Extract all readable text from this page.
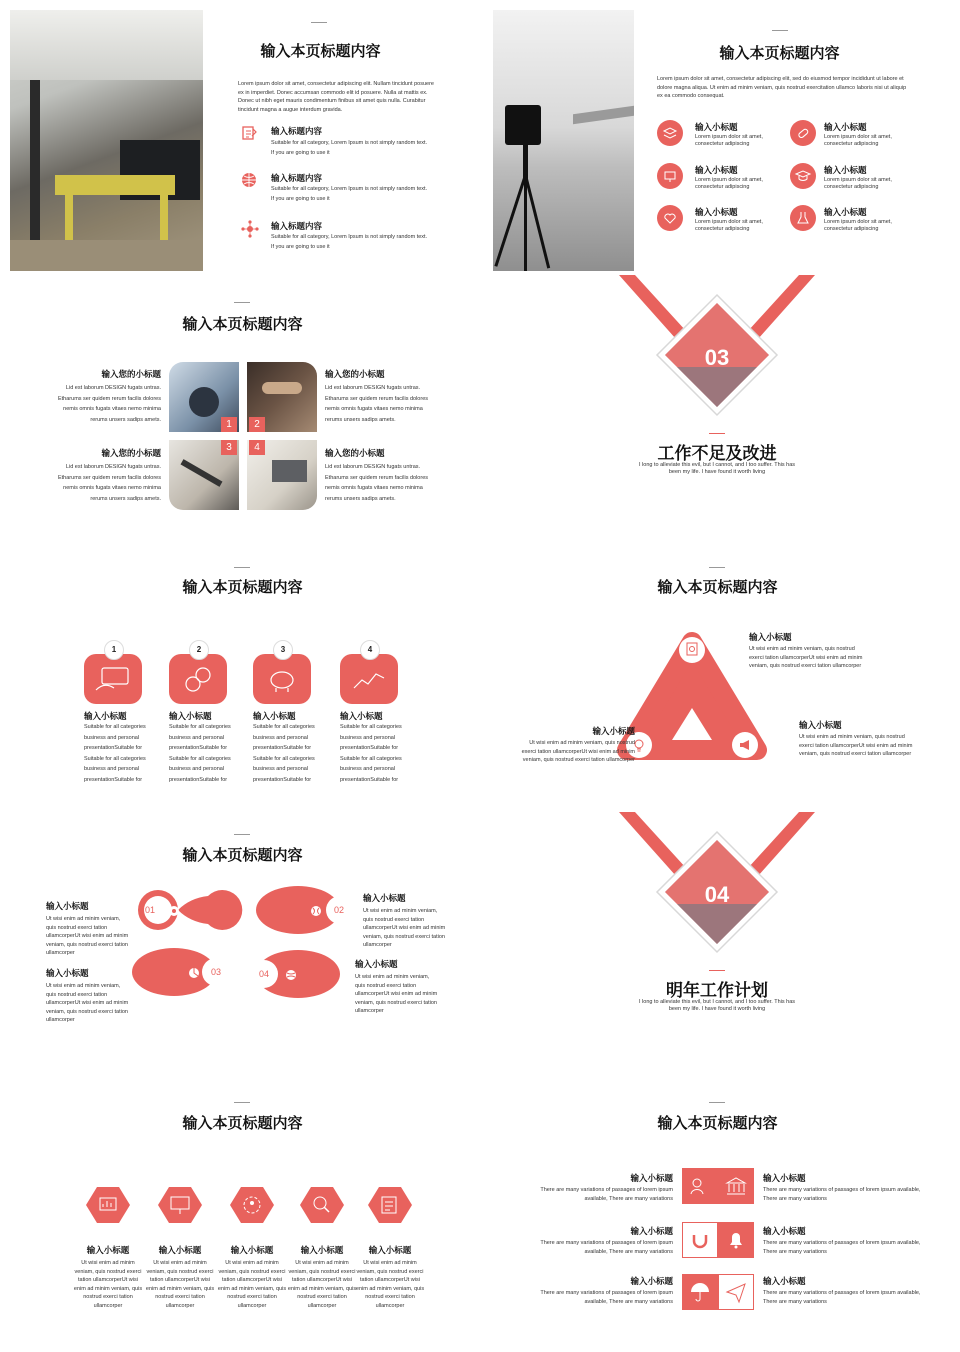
输入本页标题内容
Lorem ipsum dolor sit amet, consectetur adipiscing elit. Nullam tincidunt posuere ex in imperdiet. Donec accumsan commodo elit id posuere. Nulla at mattis ex. Donec ut nibh eget mauris condimentum finibus sit amet quis nulla. Curabitur tincidunt magna a augue interdum gravida.
输入标题内容
Suitable for all category, Lorem Ipsum is not simply random text.
If you are going to use it
输入标题内容
Suitable for all category, Lorem Ipsum is not simply random text.
If you are going to use it
输入标题内容
Suitable for all category, Lorem Ipsum is not simply random text.
If you are going to use it
输入本页标题内容
Lorem ipsum dolor sit amet, consectetur adipiscing elit, sed do eiusmod tempor incididunt ut labore et dolore magna aliqua. Ut enim ad minim veniam, quis nostrud exercitation ullamco laboris nisi ut aliquip ex ea commodo consequat.
输入小标题
Lorem ipsum dolor sit amet,
consectetur adipiscing
输入小标题
Lorem ipsum dolor sit amet,
consectetur adipiscing
输入小标题
Lorem ipsum dolor sit amet,
consectetur adipiscing
输入小标题
Lorem ipsum dolor sit amet,
consectetur adipiscing
输入小标题
Lorem ipsum dolor sit amet,
consectetur adipiscing
输入小标题
Lorem ipsum dolor sit amet,
consectetur adipiscing
输入本页标题内容
输入您的小标题
Lid est laborum DESIGN fugats untras.
Etharums ser quidem rerum facilis dolores
nemis omnis fugats vitaes nemo minima
rerums unsers sadips amets.
输入您的小标题
Lid est laborum DESIGN fugats untras.
Etharums ser quidem rerum facilis dolores
nemis omnis fugats vitaes nemo minima
rerums unsers sadips amets.
输入您的小标题
Lid est laborum DESIGN fugats untras.
Etharums ser quidem rerum facilis dolores
nemis omnis fugats vitaes nemo minima
rerums unsers sadips amets.
输入您的小标题
Lid est laborum DESIGN fugats untras.
Etharums ser quidem rerum facilis dolores
nemis omnis fugats vitaes nemo minima
rerums unsers sadips amets.
1	2
3	4
03
工作不足及改进
I long to alleviate this evil, but I cannot, and I too suffer. This has
been my life. I have found it worth living
输入本页标题内容
1
输入小标题
Suitable for all categories
business and personal
presentationSuitable for
Suitable for all categories
business and personal
presentationSuitable for
2
输入小标题
Suitable for all categories
business and personal
presentationSuitable for
Suitable for all categories
business and personal
presentationSuitable for
3
输入小标题
Suitable for all categories
business and personal
presentationSuitable for
Suitable for all categories
business and personal
presentationSuitable for
4
输入小标题
Suitable for all categories
business and personal
presentationSuitable for
Suitable for all categories
business and personal
presentationSuitable for
输入本页标题内容
输入小标题
Ut wisi enim ad minim veniam, quis nostrud
exerci tation ullamcorperUt wisi enim ad minim
veniam, quis nostrud exerci tation ullamcorper
输入小标题
Ut wisi enim ad minim veniam, quis nostrud
exerci tation ullamcorperUt wisi enim ad minim
veniam, quis nostrud exerci tation ullamcorper
输入小标题
Ut wisi enim ad minim veniam, quis nostrud
exerci tation ullamcorperUt wisi enim ad minim
veniam, quis nostrud exerci tation ullamcorper
输入本页标题内容
01	02
03	04
输入小标题
Ut wisi enim ad minim veniam,
quis nostrud exerci tation
ullamcorperUt wisi enim ad minim
veniam, quis nostrud exerci tation
ullamcorper
输入小标题
Ut wisi enim ad minim veniam,
quis nostrud exerci tation
ullamcorperUt wisi enim ad minim
veniam, quis nostrud exerci tation
ullamcorper
输入小标题
Ut wisi enim ad minim veniam,
quis nostrud exerci tation
ullamcorperUt wisi enim ad minim
veniam, quis nostrud exerci tation
ullamcorper
输入小标题
Ut wisi enim ad minim veniam,
quis nostrud exerci tation
ullamcorperUt wisi enim ad minim
veniam, quis nostrud exerci tation
ullamcorper
04
明年工作计划
I long to alleviate this evil, but I cannot, and I too suffer. This has
been my life. I have found it worth living
输入本页标题内容
输入小标题
Ut wisi enim ad minim
veniam, quis nostrud exerci
tation ullamcorperUt wisi
enim ad minim veniam, quis
nostrud exerci tation
ullamcorper
输入小标题
Ut wisi enim ad minim
veniam, quis nostrud exerci
tation ullamcorperUt wisi
enim ad minim veniam, quis
nostrud exerci tation
ullamcorper
输入小标题
Ut wisi enim ad minim
veniam, quis nostrud exerci
tation ullamcorperUt wisi
enim ad minim veniam, quis
nostrud exerci tation
ullamcorper
输入小标题
Ut wisi enim ad minim
veniam, quis nostrud exerci
tation ullamcorperUt wisi
enim ad minim veniam, quis
nostrud exerci tation
ullamcorper
输入小标题
Ut wisi enim ad minim
veniam, quis nostrud exerci
tation ullamcorperUt wisi
enim ad minim veniam, quis
nostrud exerci tation
ullamcorper
输入本页标题内容
输入小标题
There are many variations of passages of lorem ipsum
available, There are many variations
输入小标题
There are many variations of passages of lorem ipsum
available, There are many variations
输入小标题
There are many variations of passages of lorem ipsum
available, There are many variations
输入小标题
There are many variations of passages of lorem ipsum available,
There are many variations
输入小标题
There are many variations of passages of lorem ipsum available,
There are many variations
输入小标题
There are many variations of passages of lorem ipsum available,
There are many variations
